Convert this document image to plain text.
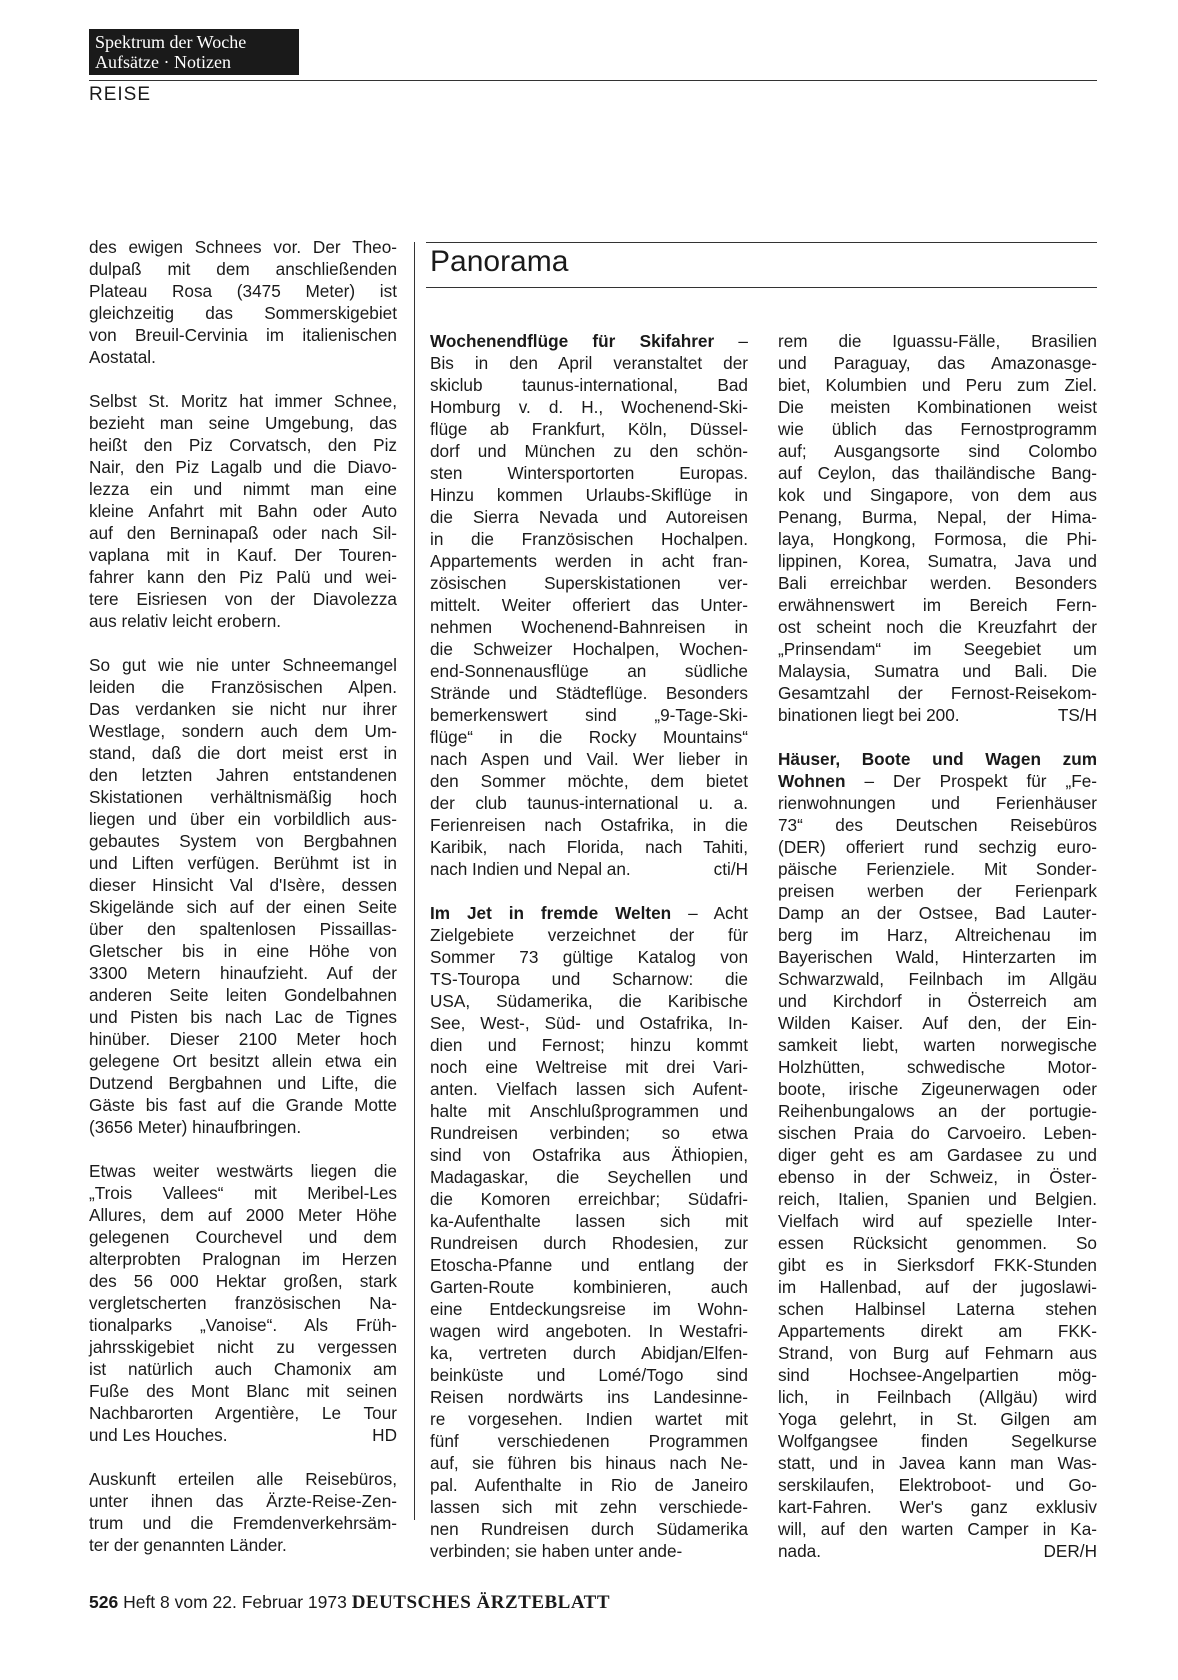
Spektrum der Woche
Aufsätze · Notizen
REISE
des ewigen Schnees vor. Der Theo-
dulpaß mit dem anschließenden
Plateau Rosa (3475 Meter) ist
gleichzeitig das Sommerskigebiet
von Breuil-Cervinia im italienischen
Aostatal.
Selbst St. Moritz hat immer Schnee,
bezieht man seine Umgebung, das
heißt den Piz Corvatsch, den Piz
Nair, den Piz Lagalb und die Diavo-
lezza ein und nimmt man eine
kleine Anfahrt mit Bahn oder Auto
auf den Berninapaß oder nach Sil-
vaplana mit in Kauf. Der Touren-
fahrer kann den Piz Palü und wei-
tere Eisriesen von der Diavolezza
aus relativ leicht erobern.
So gut wie nie unter Schneemangel
leiden die Französischen Alpen.
Das verdanken sie nicht nur ihrer
Westlage, sondern auch dem Um-
stand, daß die dort meist erst in
den letzten Jahren entstandenen
Skistationen verhältnismäßig hoch
liegen und über ein vorbildlich aus-
gebautes System von Bergbahnen
und Liften verfügen. Berühmt ist in
dieser Hinsicht Val d'Isère, dessen
Skigelände sich auf der einen Seite
über den spaltenlosen Pissaillas-
Gletscher bis in eine Höhe von
3300 Metern hinaufzieht. Auf der
anderen Seite leiten Gondelbahnen
und Pisten bis nach Lac de Tignes
hinüber. Dieser 2100 Meter hoch
gelegene Ort besitzt allein etwa ein
Dutzend Bergbahnen und Lifte, die
Gäste bis fast auf die Grande Motte
(3656 Meter) hinaufbringen.
Etwas weiter westwärts liegen die
„Trois Vallees“ mit Meribel-Les
Allures, dem auf 2000 Meter Höhe
gelegenen Courchevel und dem
alterprobten Pralognan im Herzen
des 56 000 Hektar großen, stark
vergletscherten französischen Na-
tionalparks „Vanoise“. Als Früh-
jahrsskigebiet nicht zu vergessen
ist natürlich auch Chamonix am
Fuße des Mont Blanc mit seinen
Nachbarorten Argentière, Le Tour
und Les Houches.	HD
Auskunft erteilen alle Reisebüros,
unter ihnen das Ärzte-Reise-Zen-
trum und die Fremdenverkehrsäm-
ter der genannten Länder.
Panorama
Wochenendflüge für Skifahrer –
Bis in den April veranstaltet der
skiclub taunus-international, Bad
Homburg v. d. H., Wochenend-Ski-
flüge ab Frankfurt, Köln, Düssel-
dorf und München zu den schön-
sten Wintersportorten Europas.
Hinzu kommen Urlaubs-Skiflüge in
die Sierra Nevada und Autoreisen
in die Französischen Hochalpen.
Appartements werden in acht fran-
zösischen Superskistationen ver-
mittelt. Weiter offeriert das Unter-
nehmen Wochenend-Bahnreisen in
die Schweizer Hochalpen, Wochen-
end-Sonnenausflüge an südliche
Strände und Städteflüge. Besonders
bemerkenswert sind „9-Tage-Ski-
flüge“ in die Rocky Mountains“
nach Aspen und Vail. Wer lieber in
den Sommer möchte, dem bietet
der club taunus-international u. a.
Ferienreisen nach Ostafrika, in die
Karibik, nach Florida, nach Tahiti,
nach Indien und Nepal an.	cti/H
Im Jet in fremde Welten – Acht
Zielgebiete verzeichnet der für
Sommer 73 gültige Katalog von
TS-Touropa und Scharnow: die
USA, Südamerika, die Karibische
See, West-, Süd- und Ostafrika, In-
dien und Fernost; hinzu kommt
noch eine Weltreise mit drei Vari-
anten. Vielfach lassen sich Aufent-
halte mit Anschlußprogrammen und
Rundreisen verbinden; so etwa
sind von Ostafrika aus Äthiopien,
Madagaskar, die Seychellen und
die Komoren erreichbar; Südafri-
ka-Aufenthalte lassen sich mit
Rundreisen durch Rhodesien, zur
Etoscha-Pfanne und entlang der
Garten-Route kombinieren, auch
eine Entdeckungsreise im Wohn-
wagen wird angeboten. In Westafri-
ka, vertreten durch Abidjan/Elfen-
beinküste und Lomé/Togo sind
Reisen nordwärts ins Landesinne-
re vorgesehen. Indien wartet mit
fünf verschiedenen Programmen
auf, sie führen bis hinaus nach Ne-
pal. Aufenthalte in Rio de Janeiro
lassen sich mit zehn verschiede-
nen Rundreisen durch Südamerika
verbinden; sie haben unter ande-
rem die Iguassu-Fälle, Brasilien
und Paraguay, das Amazonasge-
biet, Kolumbien und Peru zum Ziel.
Die meisten Kombinationen weist
wie üblich das Fernostprogramm
auf; Ausgangsorte sind Colombo
auf Ceylon, das thailändische Bang-
kok und Singapore, von dem aus
Penang, Burma, Nepal, der Hima-
laya, Hongkong, Formosa, die Phi-
lippinen, Korea, Sumatra, Java und
Bali erreichbar werden. Besonders
erwähnenswert im Bereich Fern-
ost scheint noch die Kreuzfahrt der
„Prinsendam“ im Seegebiet um
Malaysia, Sumatra und Bali. Die
Gesamtzahl der Fernost-Reisekom-
binationen liegt bei 200.	TS/H
Häuser, Boote und Wagen zum
Wohnen – Der Prospekt für „Fe-
rienwohnungen und Ferienhäuser
73“ des Deutschen Reisebüros
(DER) offeriert rund sechzig euro-
päische Ferienziele. Mit Sonder-
preisen werben der Ferienpark
Damp an der Ostsee, Bad Lauter-
berg im Harz, Altreichenau im
Bayerischen Wald, Hinterzarten im
Schwarzwald, Feilnbach im Allgäu
und Kirchdorf in Österreich am
Wilden Kaiser. Auf den, der Ein-
samkeit liebt, warten norwegische
Holzhütten, schwedische Motor-
boote, irische Zigeunerwagen oder
Reihenbungalows an der portugie-
sischen Praia do Carvoeiro. Leben-
diger geht es am Gardasee zu und
ebenso in der Schweiz, in Öster-
reich, Italien, Spanien und Belgien.
Vielfach wird auf spezielle Inter-
essen Rücksicht genommen. So
gibt es in Sierksdorf FKK-Stunden
im Hallenbad, auf der jugoslawi-
schen Halbinsel Laterna stehen
Appartements direkt am FKK-
Strand, von Burg auf Fehmarn aus
sind Hochsee-Angelpartien mög-
lich, in Feilnbach (Allgäu) wird
Yoga gelehrt, in St. Gilgen am
Wolfgangsee finden Segelkurse
statt, und in Javea kann man Was-
serskilaufen, Elektroboot- und Go-
kart-Fahren. Wer's ganz exklusiv
will, auf den warten Camper in Ka-
nada.	DER/H
526 Heft 8 vom 22. Februar 1973 DEUTSCHES ÄRZTEBLATT
